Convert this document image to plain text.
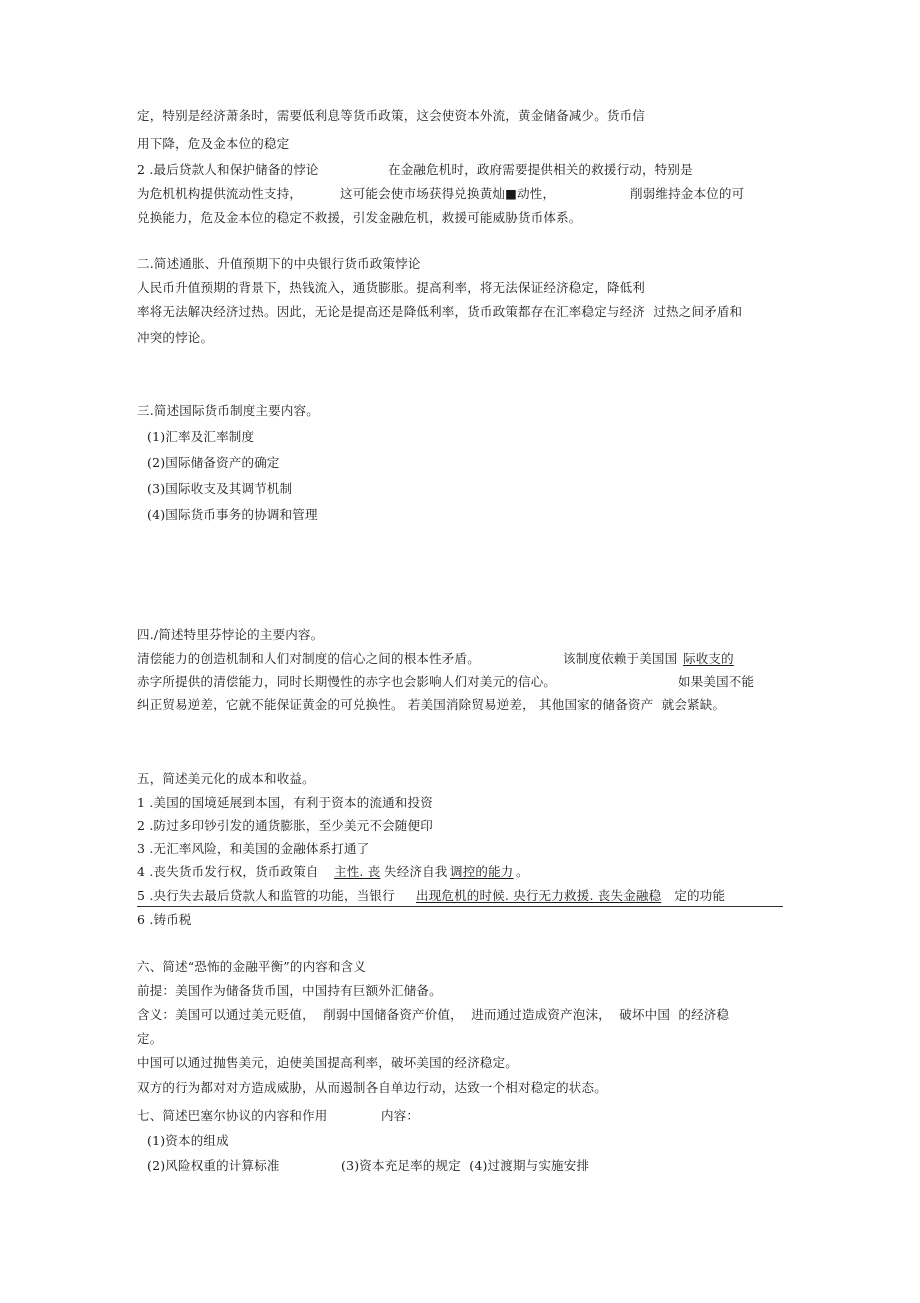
定，特别是经济萧条时，需要低利息等货币政策，这会使资本外流，黄金储备减少。货币信
用下降，危及金本位的稳定
2 .最后贷款人和保护储备的悖论	在金融危机时，政府需要提供相关的救援行动，特别是
为危机机构提供流动性支持，	这可能会使市场获得兑换黄灿■动性，	削弱维持金本位的可
兑换能力，危及金本位的稳定不救援，引发金融危机，救援可能威胁货币体系。
二.简述通胀、升值预期下的中央银行货币政策悖论
人民币升值预期的背景下，热钱流入，通货膨胀。提高利率，将无法保证经济稳定，降低利
率将无法解决经济过热。因此，无论是提高还是降低利率，货币政策都存在汇率稳定与经济  过热之间矛盾和
冲突的悖论。
三.简述国际货币制度主要内容。
(1)汇率及汇率制度
(2)国际储备资产的确定
(3)国际收支及其调节机制
(4)国际货币事务的协调和管理
四./简述特里芬悖论的主要内容。
清偿能力的创造机制和人们对制度的信心之间的根本性矛盾。	该制度依赖于美国国 际收支的
赤字所提供的清偿能力，同时长期慢性的赤字也会影响人们对美元的信心。	如果美国不能
纠正贸易逆差，它就不能保证黄金的可兑换性。 若美国消除贸易逆差， 其他国家的储备资产  就会紧缺。
五，简述美元化的成本和收益。
1 .美国的国境延展到本国，有利于资本的流通和投资
2 .防过多印钞引发的通货膨胀，至少美元不会随便印
3 .无汇率风险，和美国的金融体系打通了
4 .丧失货币发行权，货币政策自 主性. 丧 失经济自我 调控的能力 。
5 .央行失去最后贷款人和监管的功能，当银行 出现危机的时候. 央行无力救援. 丧失金融稳 定的功能
6 .铸币税
六、简述“恐怖的金融平衡”的内容和含义
前提：美国作为储备货币国，中国持有巨额外汇储备。
含义：美国可以通过美元贬值，  削弱中国储备资产价值，  进而通过造成资产泡沫，  破坏中国  的经济稳
定。
中国可以通过抛售美元，迫使美国提高利率，破坏美国的经济稳定。
双方的行为都对对方造成威胁，从而遏制各自单边行动，达致一个相对稳定的状态。
七、简述巴塞尔协议的内容和作用	内容：
(1)资本的组成
(2)风险权重的计算标准	(3)资本充足率的规定  (4)过渡期与实施安排
